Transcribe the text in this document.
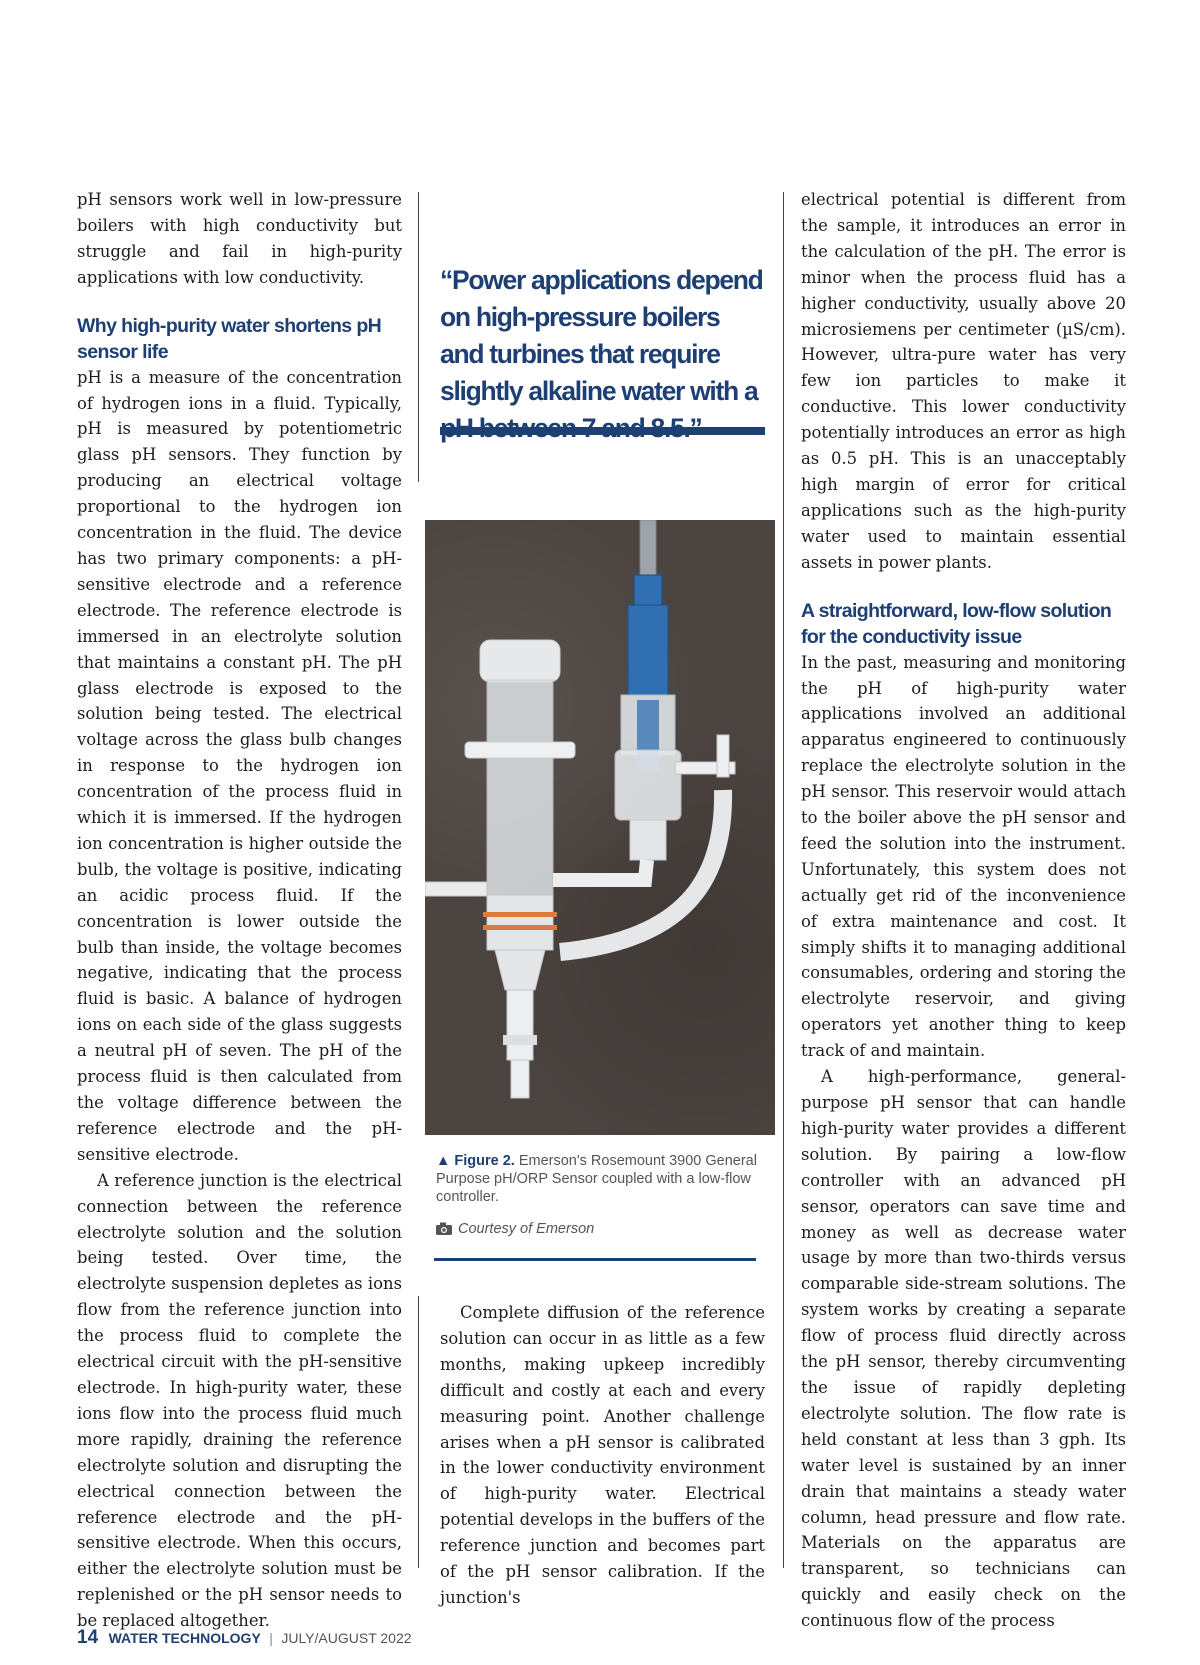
pH sensors work well in low-pressure boilers with high conductivity but struggle and fail in high-purity applications with low conductivity.

Why high-purity water shortens pH sensor life

pH is a measure of the concentration of hydrogen ions in a fluid. Typically, pH is measured by potentiometric glass pH sensors. They function by producing an electrical voltage proportional to the hydrogen ion concentration in the fluid. The device has two primary components: a pH-sensitive electrode and a reference electrode. The reference electrode is immersed in an electrolyte solution that maintains a constant pH. The pH glass electrode is exposed to the solution being tested. The electrical voltage across the glass bulb changes in response to the hydrogen ion concentration of the process fluid in which it is immersed. If the hydrogen ion concentration is higher outside the bulb, the voltage is positive, indicating an acidic process fluid. If the concentration is lower outside the bulb than inside, the voltage becomes negative, indicating that the process fluid is basic. A balance of hydrogen ions on each side of the glass suggests a neutral pH of seven. The pH of the process fluid is then calculated from the voltage difference between the reference electrode and the pH-sensitive electrode.

A reference junction is the electrical connection between the reference electrolyte solution and the solution being tested. Over time, the electrolyte suspension depletes as ions flow from the reference junction into the process fluid to complete the electrical circuit with the pH-sensitive electrode. In high-purity water, these ions flow into the process fluid much more rapidly, draining the reference electrolyte solution and disrupting the electrical connection between the reference electrode and the pH-sensitive electrode. When this occurs, either the electrolyte solution must be replenished or the pH sensor needs to be replaced altogether.

“Power applications depend on high-pressure boilers and turbines that require slightly alkaline water with a

▲ Figure 2. Emerson's Rosemount 3900 General Purpose pH/ORP Sensor coupled with a low-flow controller.
Courtesy of Emerson

Complete diffusion of the reference solution can occur in as little as a few months, making upkeep incredibly difficult and costly at each and every measuring point. Another challenge arises when a pH sensor is calibrated in the lower conductivity environment of high-purity water. Electrical potential develops in the buffers of the reference junction and becomes part of the pH sensor calibration. If the junction's

electrical potential is different from the sample, it introduces an error in the calculation of the pH. The error is minor when the process fluid has a higher conductivity, usually above 20 microsiemens per centimeter (µS/cm). However, ultra-pure water has very few ion particles to make it conductive. This lower conductivity potentially introduces an error as high as 0.5 pH. This is an unacceptably high margin of error for critical applications such as the high-purity water used to maintain essential assets in power plants.

A straightforward, low-flow solution for the conductivity issue

In the past, measuring and monitoring the pH of high-purity water applications involved an additional apparatus engineered to continuously replace the electrolyte solution in the pH sensor. This reservoir would attach to the boiler above the pH sensor and feed the solution into the instrument. Unfortunately, this system does not actually get rid of the inconvenience of extra maintenance and cost. It simply shifts it to managing additional consumables, ordering and storing the electrolyte reservoir, and giving operators yet another thing to keep track of and maintain.

A high-performance, general-purpose pH sensor that can handle high-purity water provides a different solution. By pairing a low-flow controller with an advanced pH sensor, operators can save time and money as well as decrease water usage by more than two-thirds versus comparable side-stream solutions. The system works by creating a separate flow of process fluid directly across the pH sensor, thereby circumventing the issue of rapidly depleting electrolyte solution. The flow rate is held constant at less than 3 gph. Its water level is sustained by an inner drain that maintains a steady water column, head pressure and flow rate. Materials on the apparatus are transparent, so technicians can quickly and easily check on the continuous flow of the process

14 WATER TECHNOLOGY | JULY/AUGUST 2022
